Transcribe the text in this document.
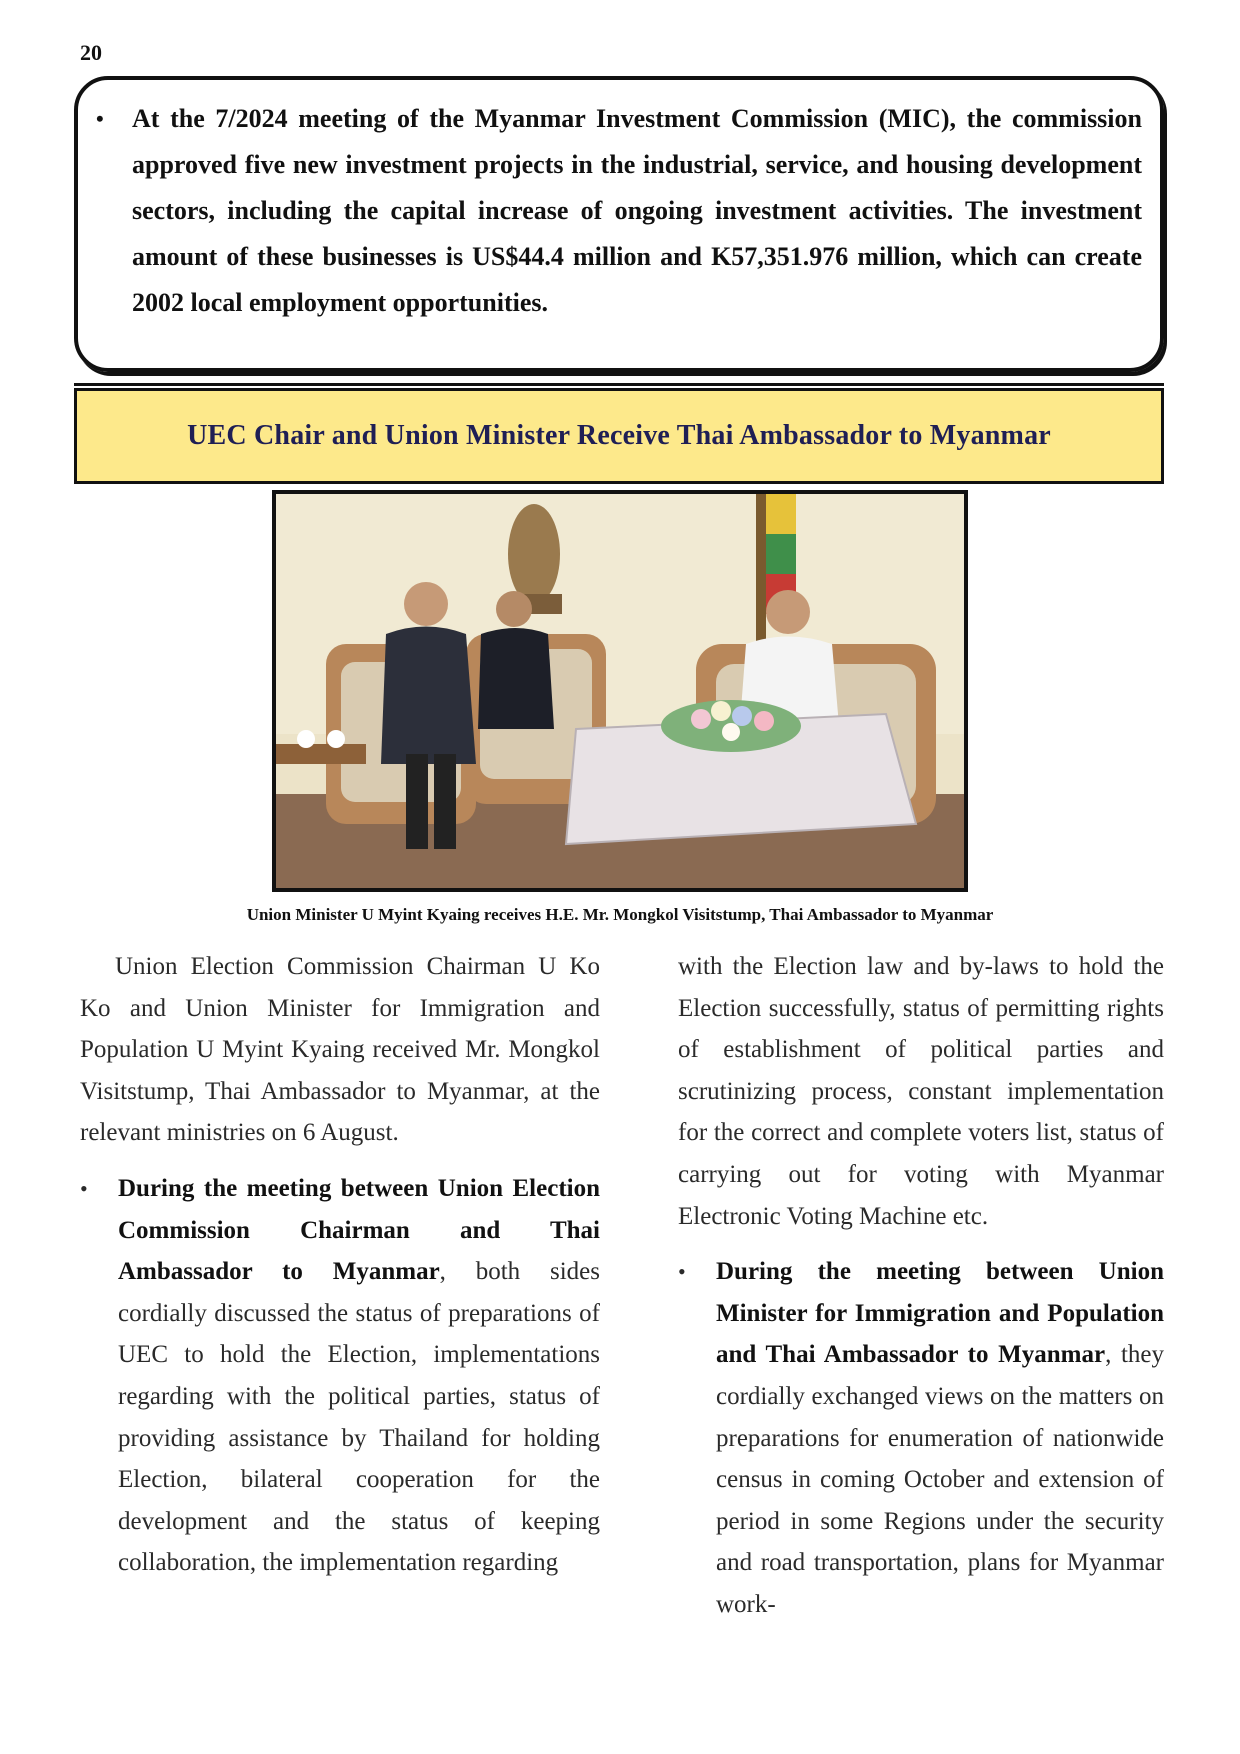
20
• At the 7/2024 meeting of the Myanmar Investment Commission (MIC), the commission approved five new investment projects in the industrial, service, and housing development sectors, including the capital increase of ongoing investment activities. The investment amount of these businesses is US$44.4 million and K57,351.976 million, which can create 2002 local employment opportunities.

UEC Chair and Union Minister Receive Thai Ambassador to Myanmar
Union Minister U Myint Kyaing receives H.E. Mr. Mongkol Visitstump, Thai Ambassador to Myanmar

Union Election Commission Chairman U Ko Ko and Union Minister for Immigration and Population U Myint Kyaing received Mr. Mongkol Visitstump, Thai Ambassador to Myanmar, at the relevant ministries on 6 August.

• During the meeting between Union Election Commission Chairman and Thai Ambassador to Myanmar, both sides cordially discussed the status of preparations of UEC to hold the Election, implementations regarding with the political parties, status of providing assistance by Thailand for holding Election, bilateral cooperation for the development and the status of keeping collaboration, the implementation regarding

with the Election law and by-laws to hold the Election successfully, status of permitting rights of establishment of political parties and scrutinizing process, constant implementation for the correct and complete voters list, status of carrying out for voting with Myanmar Electronic Voting Machine etc.

• During the meeting between Union Minister for Immigration and Population and Thai Ambassador to Myanmar, they cordially exchanged views on the matters on preparations for enumeration of nationwide census in coming October and extension of period in some Regions under the security and road transportation, plans for Myanmar work-
